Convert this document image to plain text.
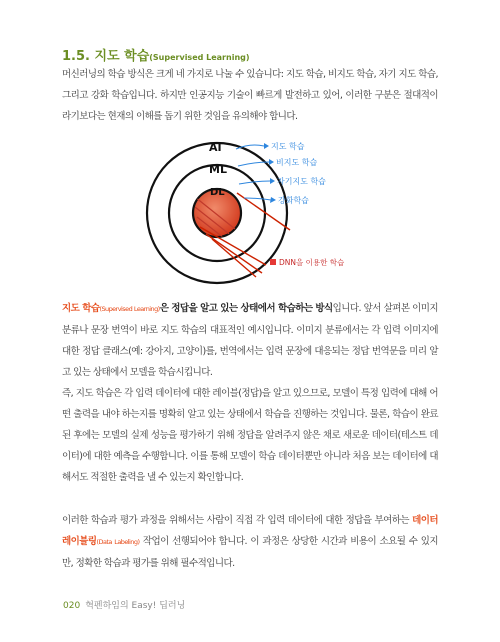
1.5. 지도 학습(Supervised Learning)

머신러닝의 학습 방식은 크게 네 가지로 나눌 수 있습니다: 지도 학습, 비지도 학습, 자기 지도 학습, 그리고 강화 학습입니다. 하지만 인공지능 기술이 빠르게 발전하고 있어, 이러한 구분은 절대적이라기보다는 현재의 이해를 돕기 위한 것임을 유의해야 합니다.

AI
ML
DL
지도 학습
비지도 학습
자기지도 학습
강화학습
DNN을 이용한 학습

지도 학습(Supervised Learning)은 정답을 알고 있는 상태에서 학습하는 방식입니다. 앞서 살펴본 이미지 분류나 문장 번역이 바로 지도 학습의 대표적인 예시입니다. 이미지 분류에서는 각 입력 이미지에 대한 정답 클래스(예: 강아지, 고양이)를, 번역에서는 입력 문장에 대응되는 정답 번역문을 미리 알고 있는 상태에서 모델을 학습시킵니다.

즉, 지도 학습은 각 입력 데이터에 대한 레이블(정답)을 알고 있으므로, 모델이 특정 입력에 대해 어떤 출력을 내야 하는지를 명확히 알고 있는 상태에서 학습을 진행하는 것입니다. 물론, 학습이 완료된 후에는 모델의 실제 성능을 평가하기 위해 정답을 알려주지 않은 채로 새로운 데이터(테스트 데이터)에 대한 예측을 수행합니다. 이를 통해 모델이 학습 데이터뿐만 아니라 처음 보는 데이터에 대해서도 적절한 출력을 낼 수 있는지 확인합니다.

이러한 학습과 평가 과정을 위해서는 사람이 직접 각 입력 데이터에 대한 정답을 부여하는 데이터 레이블링(Data Labeling) 작업이 선행되어야 합니다. 이 과정은 상당한 시간과 비용이 소요될 수 있지만, 정확한 학습과 평가를 위해 필수적입니다.

020 혁펜하임의 Easy! 딥러닝
